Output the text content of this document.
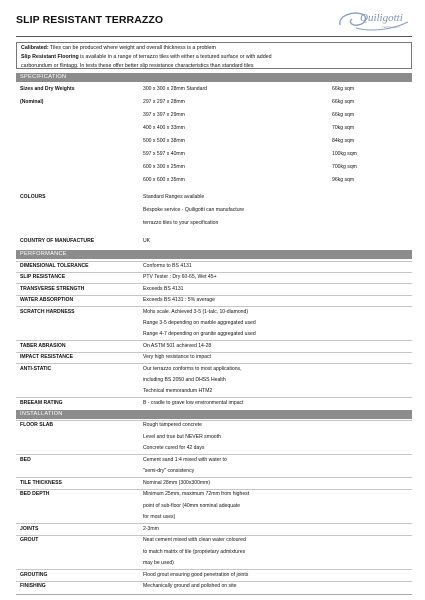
SLIP RESISTANT TERRAZZO	Quiligotti
TERRAZZO
Calibrated: Tiles can be produced where weight and overall thickness is a problem
Slip Resistant Flooring is available in a range of terrazzo tiles with either a textured surface or with added
carborundum or flintagg. In tests these offer better slip resistance characteristics than standard tiles
SPECIFICATION
Sizes and Dry Weights	300 x 300 x 28mm Standard	66kg sqm
(Nominal)	297 x 297 x 28mm	66kg sqm
397 x 397 x 29mm	66kg sqm
400 x 400 x 33mm	70kg sqm
500 x 500 x 38mm	84kg sqm
597 x 597 x 40mm	100kg sqm
600 x 300 x 25mm	700kg sqm
600 x 600 x 35mm	96kg sqm
COLOURS	Standard Ranges available
Bespoke service - Quiligotti can manufacture
terrazzo tiles to your specification
COUNTRY OF MANUFACTURE	UK
PERFORMANCE
DIMENSIONAL TOLERANCE	Conforms to BS 4131
SLIP RESISTANCE	PTV Tester : Dry 60-65, Wet 45+
TRANSVERSE STRENGTH	Exceeds BS 4131
WATER ABSORPTION	Exceeds BS 4131 : 5% average
SCRATCH HARDNESS	Mohs scale. Achieved 3-5 (1-talc, 10-diamond)
Range 3-5 depending on marble aggregated used
Range 4-7 depending on granite aggregated used
TABER ABRASION	On ASTM 501 achieved 14-28
IMPACT RESISTANCE	Very high resistance to impact
ANTI-STATIC	Our terrazzo conforms to most applications,
including BS 2050 and DHSS Health
Technical memorandum HTM2
BREEAM RATING	B - cradle to grave low environmental impact
INSTALLATION
FLOOR SLAB	Rough tampered concrete
Level and true but NEVER smooth
Concrete cured for 42 days
BED	Cement sand 1:4 mixed with water to
"semi-dry" consistency
TILE THICKNESS	Nominal 28mm (300x300mm)
BED DEPTH	Minimum 25mm, maximum 72mm from highest
point of sub-floor (40mm nominal adequate
for most uses)
JOINTS	2-3mm
GROUT	Neat cement mixed with clean water coloured
to match matrix of tile (proprietary admixtures
may be used)
GROUTING	Flood grout ensuring good penetration of joints
FINISHING	Mechanically ground and polished on site
